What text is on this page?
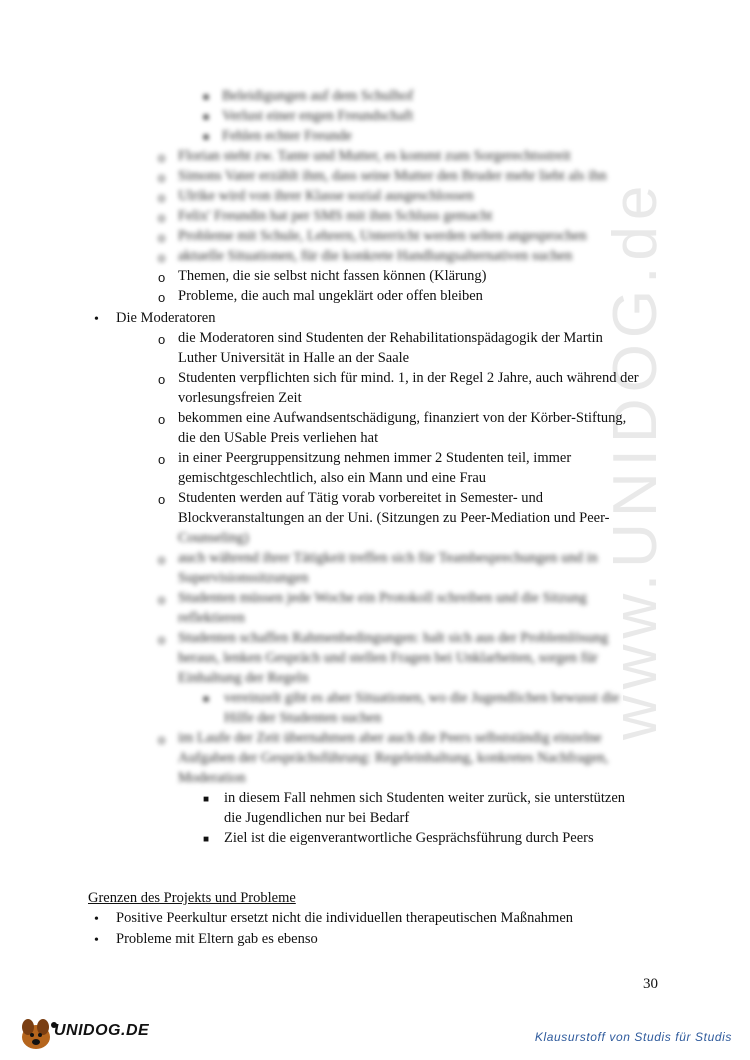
www.UNIDOG.de
■ Beleidigungen auf dem Schulhof
■ Verlust einer engen Freundschaft
■ Fehlen echter Freunde
o Florian steht zw. Tante und Mutter, es kommt zum Sorgerechtsstreit
o Simons Vater erzählt ihm, dass seine Mutter den Bruder mehr liebt als ihn
o Ulrike wird von ihrer Klasse sozial ausgeschlossen
o Felix' Freundin hat per SMS mit ihm Schluss gemacht
o Probleme mit Schule, Lehrern, Unterricht werden selten angesprochen
o aktuelle Situationen, für die konkrete Handlungsalternativen suchen
o Themen, die sie selbst nicht fassen können (Klärung)
o Probleme, die auch mal ungeklärt oder offen bleiben
• Die Moderatoren
o die Moderatoren sind Studenten der Rehabilitationspädagogik der Martin
Luther Universität in Halle an der Saale
o Studenten verpflichten sich für mind. 1, in der Regel 2 Jahre, auch während der
vorlesungsfreien Zeit
o bekommen eine Aufwandsentschädigung, finanziert von der Körber-Stiftung,
die den USable Preis verliehen hat
o in einer Peergruppensitzung nehmen immer 2 Studenten teil, immer
gemischtgeschlechtlich, also ein Mann und eine Frau
o Studenten werden auf Tätig vorab vorbereitet in Semester- und
Blockveranstaltungen an der Uni. (Sitzungen zu Peer-Mediation und Peer-
Counseling)
o auch während ihrer Tätigkeit treffen sich für Teambesprechungen und in
Supervisionssitzungen
o Studenten müssen jede Woche ein Protokoll schreiben und die Sitzung
reflektieren
o Studenten schaffen Rahmenbedingungen: halt sich aus der Problemlösung
heraus, lenken Gespräch und stellen Fragen bei Unklarheiten, sorgen für
Einhaltung der Regeln
■ vereinzelt gibt es aber Situationen, wo die Jugendlichen bewusst die
Hilfe der Studenten suchen
o im Laufe der Zeit übernahmen aber auch die Peers selbstständig einzelne
Aufgaben der Gesprächsführung: Regeleinhaltung, konkretes Nachfragen,
Moderation
■ in diesem Fall nehmen sich Studenten weiter zurück, sie unterstützen
die Jugendlichen nur bei Bedarf
■ Ziel ist die eigenverantwortliche Gesprächsführung durch Peers
Grenzen des Projekts und Probleme
• Positive Peerkultur ersetzt nicht die individuellen therapeutischen Maßnahmen
• Probleme mit Eltern gab es ebenso
30
UNIDOG.DE	Klausurstoff von Studis für Studis
